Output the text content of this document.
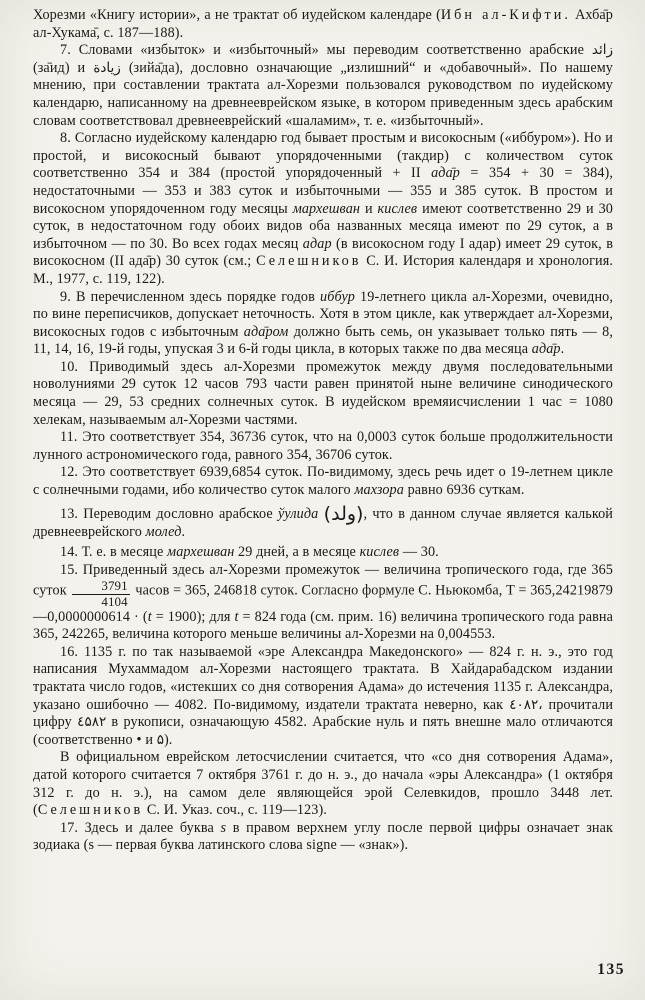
Хорезми «Книгу истории», а не трактат об иудейском календаре (Ибн ал-Кифти. Ахба̄р ал-Хукама̄, с. 187—188).

7. Словами «избыток» и «избыточный» мы переводим соответственно арабские زائد (за̄ид) и زيادة (зийа̄да), дословно означающие „излишний“ и «добавочный». По нашему мнению, при составлении трактата ал-Хорезми пользовался руководством по иудейскому календарю, написанному на древнееврейском языке, в котором приведенным здесь арабским словам соответствовал древнееврейский «шаламим», т. е. «избыточный».

8. Согласно иудейскому календарю год бывает простым и високосным («иббуром»). Но и простой, и високосный бывают упорядоченными (такдир) с количеством суток соответственно 354 и 384 (простой упорядоченный + II ада̄р = 354 + 30 = 384), недостаточными — 353 и 383 суток и избыточными — 355 и 385 суток. В простом и високосном упорядоченном году месяцы мархешван и кислев имеют соответственно 29 и 30 суток, в недостаточном году обоих видов оба названных месяца имеют по 29 суток, а в избыточном — по 30. Во всех годах месяц адар (в високосном году I адар) имеет 29 суток, в високосном (II ада̄р) 30 суток (см.; Селешников С. И. История календаря и хронология. М., 1977, с. 119, 122).

9. В перечисленном здесь порядке годов иббур 19-летнего цикла ал-Хорезми, очевидно, по вине переписчиков, допускает неточность. Хотя в этом цикле, как утверждает ал-Хорезми, високосных годов с избыточным ада̄ром должно быть семь, он указывает только пять — 8, 11, 14, 16, 19-й годы, упуская 3 и 6-й годы цикла, в которых также по два месяца ада̄р.

10. Приводимый здесь ал-Хорезми промежуток между двумя последовательными новолуниями 29 суток 12 часов 793 части равен принятой ныне величине синодического месяца — 29, 53 средних солнечных суток. В иудейском времяисчислении 1 час = 1080 хелекам, называемым ал-Хорезми частями.

11. Это соответствует 354, 36736 суток, что на 0,0003 суток больше продолжительности лунного астрономического года, равного 354, 36706 суток.

12. Это соответствует 6939,6854 суток. По-видимому, здесь речь идет о 19-летнем цикле с солнечными годами, ибо количество суток малого махзора равно 6936 суткам.

13. Переводим дословно арабское ўулида (ولد), что в данном случае является калькой древнееврейского молед.

14. Т. е. в месяце мархешван 29 дней, а в месяце кислев — 30.

15. Приведенный здесь ал-Хорезми промежуток — величина тропического года, где 365 суток $\frac{3791}{4104}$ часов = 365, 246818 суток. Согласно формуле С. Ньюкомба, Т = 365,24219879—0,0000000614 · (t = 1900); для t = 824 года (см. прим. 16) величина тропического года равна 365, 242265, величина которого меньше величины ал-Хорезми на 0,004553.

16. 1135 г. по так называемой «эре Александра Македонского» — 824 г. н. э., это год написания Мухаммадом ал-Хорезми настоящего трактата. В Хайдарабадском издании трактата число годов, «истекших со дня сотворения Адама» до истечения 1135 г. Александра, указано ошибочно — 4082. По-видимому, издатели трактата неверно, как ٤٠٨٢، прочитали цифру ٤۵٨٢ в рукописи, означающую 4582. Арабские нуль и пять внешне мало отличаются (соответственно • и ۵).

В официальном еврейском летосчислении считается, что «со дня сотворения Адама», датой которого считается 7 октября 3761 г. до н. э., до начала «эры Александра» (1 октября 312 г. до н. э.), на самом деле являющейся эрой Селевкидов, прошло 3448 лет. (Селешников С. И. Указ. соч., с. 119—123).

17. Здесь и далее буква s в правом верхнем углу после первой цифры означает знак зодиака (s — первая буква латинского слова signe — «знак»).

135
